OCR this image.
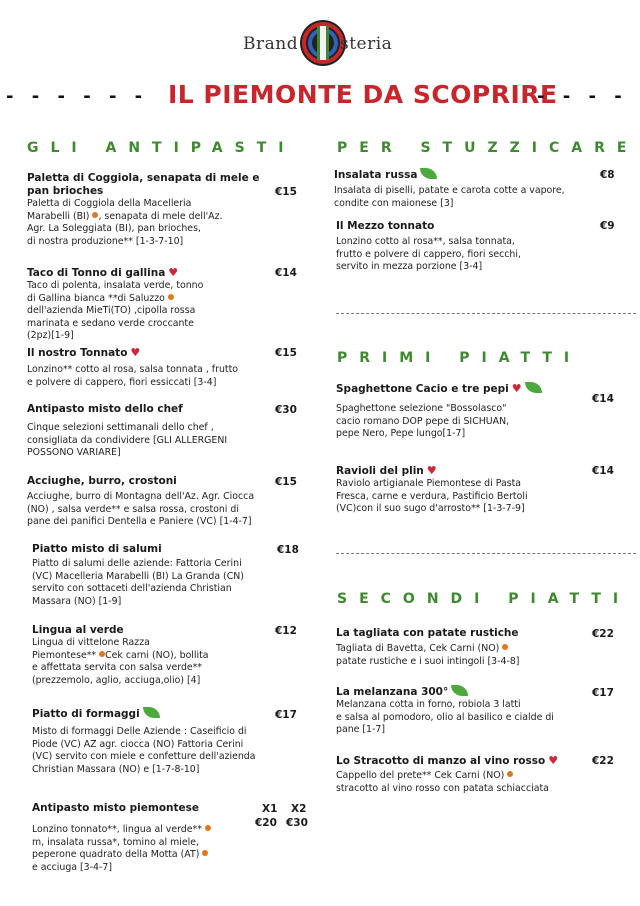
Brand steria
- - - - - - IL PIEMONTE DA SCOPRIRE
- - - -
GLI ANTIPASTI	PER STUZZICARE
PRIMI PIATTI
SECONDI PIATTI
Paletta di Coggiola, senapata di mele e pan brioches
Paletta di Coggiola della Macelleria
Marabelli (BI) , senapata di mele dell'Az.
Agr. La Soleggiata (BI), pan brioches,
di nostra produzione** [1-3-7-10]
€15
Taco di Tonno di gallina ♥
Taco di polenta, insalata verde, tonno
di Gallina bianca **di Saluzzo
dell'azienda MieTi(TO) ,cipolla rossa
marinata e sedano verde croccante
(2pz)[1-9]
€14
Il nostro Tonnato ♥
Lonzino** cotto al rosa, salsa tonnata , frutto
e polvere di cappero, fiori essiccati [3-4]
€15
Antipasto misto dello chef
Cinque selezioni settimanali dello chef ,
consigliata da condividere [GLI ALLERGENI
POSSONO VARIARE]
€30
Acciughe, burro, crostoni
Acciughe, burro di Montagna dell'Az. Agr. Ciocca
(NO) , salsa verde** e salsa rossa, crostoni di
pane dei panifici Dentella e Paniere (VC) [1-4-7]
€15
Piatto misto di salumi
Piatto di salumi delle aziende: Fattoria Cerini
(VC) Macelleria Marabelli (BI) La Granda (CN)
servito con sottaceti dell'azienda Christian
Massara (NO) [1-9]
€18
Lingua al verde
Lingua di vittelone Razza
Piemontese** Cek carni (NO), bollita
e affettata servita con salsa verde**
(prezzemolo, aglio, acciuga,olio) [4]
€12
Piatto di formaggi
Misto di formaggi Delle Aziende : Caseificio di
Piode (VC) AZ agr. ciocca (NO) Fattoria Cerini
(VC) servito con miele e confetture dell'azienda
Christian Massara (NO) e [1-7-8-10]
€17
Antipasto misto piemontese
Lonzino tonnato**, lingua al verde**
m, insalata russa*, tomino al miele,
peperone quadrato della Motta (AT)
e acciuga [3-4-7]
X1 X2
€20 €30
Insalata russa
Insalata di piselli, patate e carota cotte a vapore,
condite con maionese [3]
€8
Il Mezzo tonnato
Lonzino cotto al rosa**, salsa tonnata,
frutto e polvere di cappero, fiori secchi,
servito in mezza porzione [3-4]
€9
Spaghettone Cacio e tre pepi ♥
Spaghettone selezione "Bossolasco"
cacio romano DOP pepe di SICHUAN,
pepe Nero, Pepe lungo[1-7]
€14
Ravioli del plin ♥
Raviolo artigianale Piemontese di Pasta
Fresca, carne e verdura, Pastificio Bertoli
(VC)con il suo sugo d'arrosto** [1-3-7-9]
€14
La tagliata con patate rustiche
Tagliata di Bavetta, Cek Carni (NO)
patate rustiche e i suoi intingoli [3-4-8]
€22
La melanzana 300°
Melanzana cotta in forno, robiola 3 latti
e salsa al pomodoro, olio al basilico e cialde di
pane [1-7]
€17
Lo Stracotto di manzo al vino rosso ♥
Cappello del prete** Cek Carni (NO)
stracotto al vino rosso con patata schiacciata
€22
